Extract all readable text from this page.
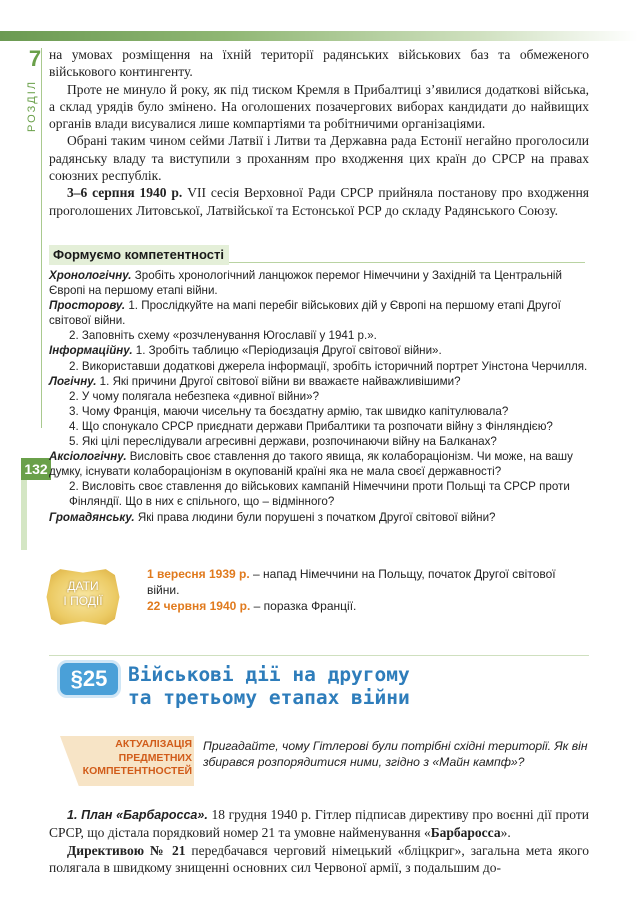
7
РОЗДІЛ
132

на умовах розміщення на їхній території радянських військових баз та обмеженого військового контингенту.

Проте не минуло й року, як під тиском Кремля в Прибалтиці з’явилися додаткові війська, а склад урядів було змінено. На оголошених позачергових виборах кандидати до найвищих органів влади висувалися лише компартіями та робітничими організаціями.

Обрані таким чином сейми Латвії і Литви та Державна рада Естонії негайно проголосили радянську владу та виступили з проханням про входження цих країн до СРСР на правах союзних республік.

3–6 серпня 1940 р. VII сесія Верховної Ради СРСР прийняла постанову про входження проголошених Литовської, Латвійської та Естонської РСР до складу Радянського Союзу.

Формуємо компетентності

Хронологічну. Зробіть хронологічний ланцюжок перемог Німеччини у Західній та Центральній Європі на першому етапі війни.

Просторову. 1. Прослідкуйте на мапі перебіг військових дій у Європі на першому етапі Другої світової війни.

2. Заповніть схему «розчленування Югославії у 1941 р.».

Інформаційну. 1. Зробіть таблицю «Періодизація Другої світової війни».

2. Використавши додаткові джерела інформації, зробіть історичний портрет Уінстона Черчилля.

Логічну. 1. Які причини Другої світової війни ви вважаєте найважливішими?

2. У чому полягала небезпека «дивної війни»?

3. Чому Франція, маючи чисельну та боєздатну армію, так швидко капітулювала?

4. Що спонукало СРСР приєднати держави Прибалтики та розпочати війну з Фінляндією?

5. Які цілі переслідували агресивні держави, розпочинаючи війну на Балканах?

Аксіологічну. Висловіть своє ставлення до такого явища, як колабораціонізм. Чи може, на вашу думку, існувати колабораціонізм в окупованій країні яка не мала своєї державності?

2. Висловіть своє ставлення до військових кампаній Німеччини проти Польщі та СРСР проти Фінляндії. Що в них є спільного, що – відмінного?

Громадянську. Які права людини були порушені з початком Другої світової війни?

ДАТИ
І ПОДІЇ

1 вересня 1939 р. – напад Німеччини на Польщу, початок Другої світової війни.

22 червня 1940 р. – поразка Франції.

§25	Військові дії на другому
та третьому етапах війни
АКТУАЛІЗАЦІЯ
ПРЕДМЕТНИХ
КОМПЕТЕНТНОСТЕЙ
Пригадайте, чому Гітлерові були потрібні східні території. Як він збирався розпорядитися ними, згідно з «Майн кампф»?

1. План «Барбаросса». 18 грудня 1940 р. Гітлер підписав директиву про воєнні дії проти СРСР, що дістала порядковий номер 21 та умовне найменування «Барбаросса».

Директивою № 21 передбачався черговий німецький «бліцкриг», загальна мета якого полягала в швидкому знищенні основних сил Червоної армії, з подальшим до-
